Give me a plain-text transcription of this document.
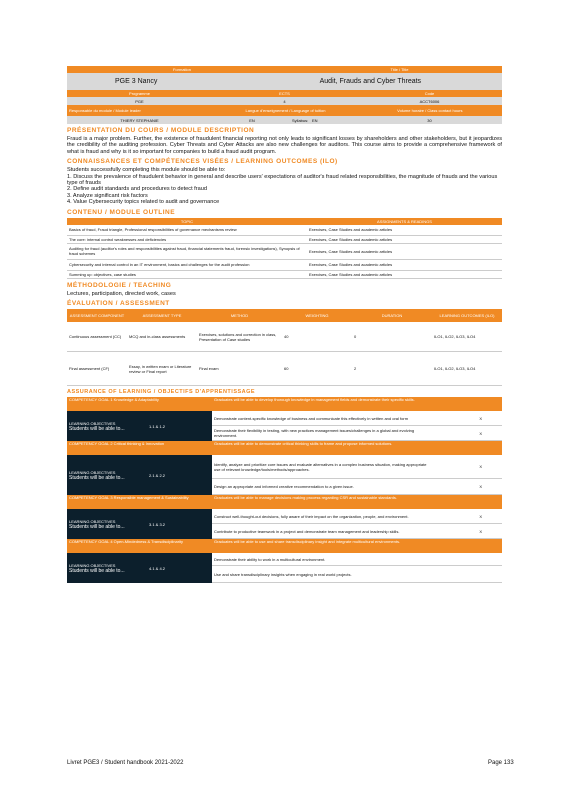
Formation	Title / Title
PGE 3 Nancy	Audit, Frauds and Cyber Threats
Programme	ECTS	Code
PGE	4	ACCT6006
Responsable du module / Module leader	Langue d'enseignement / Language of tuition	Volume horaire / Class contact hours
THIERY STEPHANIE	EN	Syllabus: EN	30
PRÉSENTATION DU COURS / MODULE DESCRIPTION
Fraud is a major problem. Further, the existence of fraudulent financial reporting not only leads to significant losses by shareholders and other stakeholders, but it jeopardizes the credibility of the auditing profession. Cyber Threats and Cyber Attacks are also new challenges for auditors. This course aims to provide a comprehensive framework of what is fraud and why is it so important for companies to build a fraud audit program.
CONNAISSANCES ET COMPÉTENCES VISÉES / LEARNING OUTCOMES (ILO)
Students successfully completing this module should be able to:
1. Discuss the prevalence of fraudulent behavior in general and describe users' expectations of auditor's fraud related responsibilities, the magnitude of frauds and the various type of frauds
2. Define audit standards and procedures to detect fraud
3. Analyze significant risk factors
4. Value Cybersecurity topics related to audit and governance
CONTENU / MODULE OUTLINE
TOPIC	ASSIGNMENTS & READINGS
Basics of fraud, Fraud triangle, Professional responsibilities of governance mechanisms review	Exercises, Case Studies and academic articles
The core: internal control weaknesses and deficiencies	Exercises, Case Studies and academic articles
Auditing for fraud (auditor's roles and responsibilities against fraud, financial statements fraud, forensic investigations), Synopsis of fraud schemes	Exercises, Case Studies and academic articles
Cybersecurity and internal control in an IT environment, basics and challenges for the audit profession	Exercises, Case Studies and academic articles
Summing up: objectives, case studies	Exercises, Case Studies and academic articles
MÉTHODOLOGIE / TEACHING
Lectures, participation, directed work, cases
ÉVALUATION / ASSESSMENT
ASSESSMENT COMPONENT	ASSESSMENT TYPE	METHOD	WEIGHTING	DURATION	LEARNING OUTCOMES (ILO)
Continuous assessment (CC)	MCQ and in-class assessments	Exercises, solutions and correction in class, Presentation of Case studies	40	0	ILO1, ILO2, ILO3, ILO4
Final assessment (CF)	Essay, in written exam or Literature review or Final report	Final exam	60	2	ILO1, ILO2, ILO3, ILO4
ASSURANCE OF LEARNING / OBJECTIFS D'APPRENTISSAGE
COMPETENCY GOAL 1 Knowledge & Adaptability	Graduates will be able to develop thorough knowledge in management fields and demonstrate their specific skills.
LEARNING OBJECTIVES
Students will be able to...	1.1 & 1.2
Demonstrate content-specific knowledge of business and communicate this effectively in written and oral form	X
Demonstrate their flexibility in testing, with new practices management issues/challenges in a global and evolving environment.	X
COMPETENCY GOAL 2 Critical thinking & Innovation	Graduates will be able to demonstrate critical thinking skills to frame and propose informed solutions.
LEARNING OBJECTIVES
Students will be able to...	2.1 & 2.2
Identify, analyze and prioritize core issues and evaluate alternatives in a complex business situation, making appropriate use of relevant knowledge/tools/methods/approaches.	X
Design an appropriate and informed creative recommendation to a given issue.	X
COMPETENCY GOAL 3 Responsible management & Sustainability	Graduates will be able to manage decisions making process regarding CSR and sustainable standards.
LEARNING OBJECTIVES
Students will be able to...	3.1 & 3.2
Construct well-thought-out decisions, fully aware of their impact on the organization, people, and environment.	X
Contribute to productive teamwork in a project and demonstrate team management and leadership skills.	X
COMPETENCY GOAL 4 Open-Mindedness & Transdisciplinarity	Graduates will be able to use and share transdisciplinary insight and integrate multicultural environments.
LEARNING OBJECTIVES
Students will be able to...	4.1 & 4.2
Demonstrate their ability to work in a multicultural environment.
Use and share transdisciplinary insights when engaging in real world projects.
Livret PGE3 / Student handbook 2021-2022	Page 133
